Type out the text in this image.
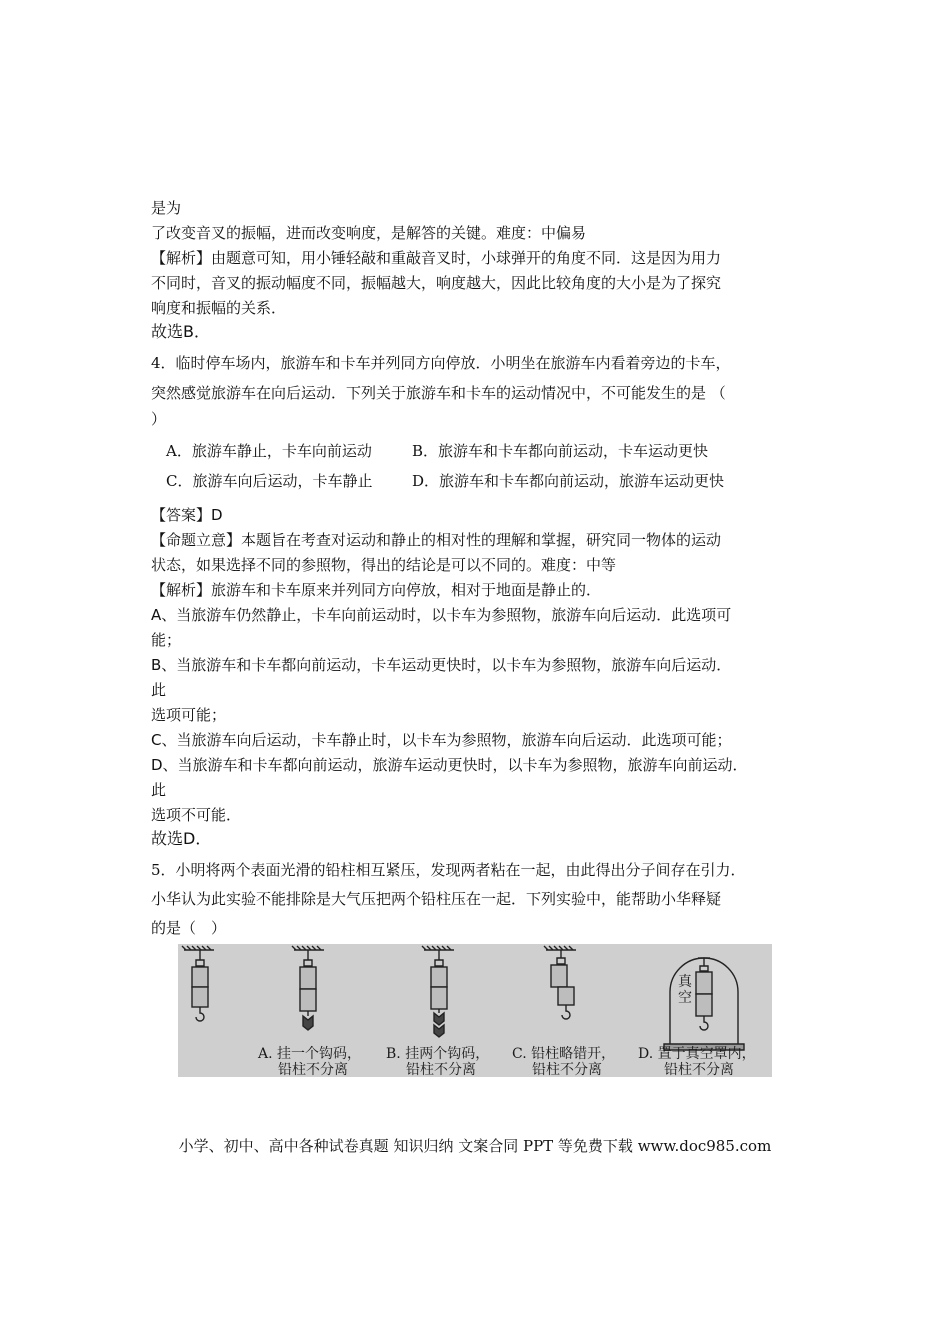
是为
了改变音叉的振幅，进而改变响度，是解答的关键。难度：中偏易
【解析】由题意可知，用小锤轻敲和重敲音叉时，小球弹开的角度不同．这是因为用力
不同时，音叉的振动幅度不同，振幅越大，响度越大，因此比较角度的大小是为了探究
响度和振幅的关系．
故选B．
4．临时停车场内，旅游车和卡车并列同方向停放．小明坐在旅游车内看着旁边的卡车，
突然感觉旅游车在向后运动．下列关于旅游车和卡车的运动情况中，不可能发生的是 （
）
A．旅游车静止，卡车向前运动	B．旅游车和卡车都向前运动，卡车运动更快
C．旅游车向后运动，卡车静止	D．旅游车和卡车都向前运动，旅游车运动更快
【答案】D
【命题立意】本题旨在考查对运动和静止的相对性的理解和掌握，研究同一物体的运动
状态，如果选择不同的参照物，得出的结论是可以不同的。难度：中等
【解析】旅游车和卡车原来并列同方向停放，相对于地面是静止的．
A、当旅游车仍然静止，卡车向前运动时，以卡车为参照物，旅游车向后运动．此选项可
能；
B、当旅游车和卡车都向前运动，卡车运动更快时，以卡车为参照物，旅游车向后运动．
此
选项可能；
C、当旅游车向后运动，卡车静止时，以卡车为参照物，旅游车向后运动．此选项可能；
D、当旅游车和卡车都向前运动，旅游车运动更快时，以卡车为参照物，旅游车向前运动．
此
选项不可能．
故选D．
5．小明将两个表面光滑的铅柱相互紧压，发现两者粘在一起，由此得出分子间存在引力．
小华认为此实验不能排除是大气压把两个铅柱压在一起．下列实验中，能帮助小华释疑
的是（　）
真
空
A. 挂一个钩码，
铅柱不分离
B. 挂两个钩码，
铅柱不分离
C. 铅柱略错开，
铅柱不分离
D. 置于真空罩内，
铅柱不分离
小学、初中、高中各种试卷真题 知识归纳 文案合同 PPT 等免费下载 www.doc985.com
